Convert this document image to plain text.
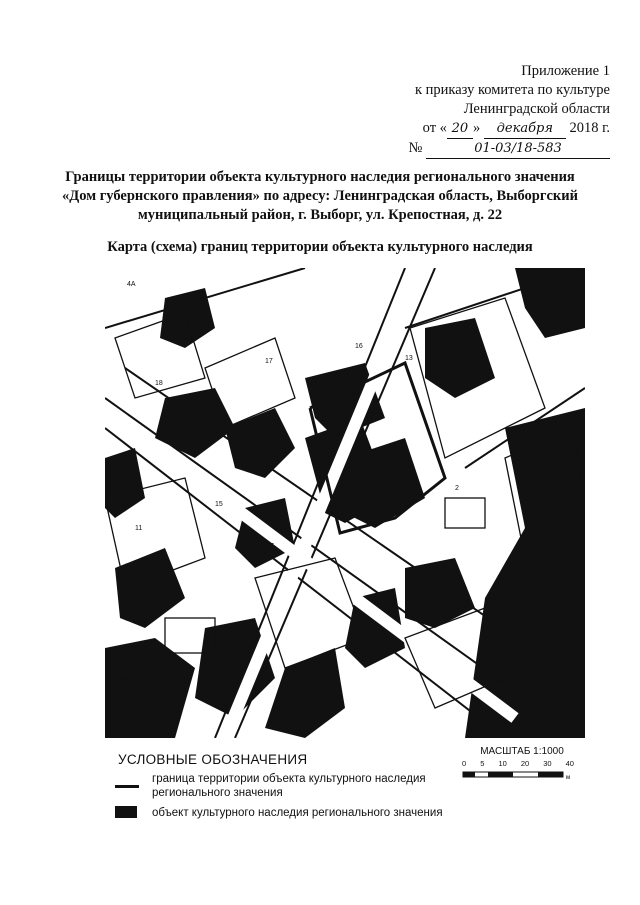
Приложение 1
к приказу комитета по культуре
Ленинградской области
от « 20 » декабря 2018 г.
№	01-03/18-583
Границы территории объекта культурного наследия регионального значения
«Дом губернского правления» по адресу: Ленинградская область, Выборгский
муниципальный район, г. Выборг, ул. Крепостная, д. 22
Карта (схема) границ территории объекта культурного наследия
4А
15
16
17
13
20
18
11
7
7
22
22А
2
17
15
11
15А
УСЛОВНЫЕ ОБОЗНАЧЕНИЯ
МАСШТАБ 1:1000
0 5 10 20 30 40
м
граница территории объекта культурного наследия
регионального значения
объект культурного наследия регионального значения
